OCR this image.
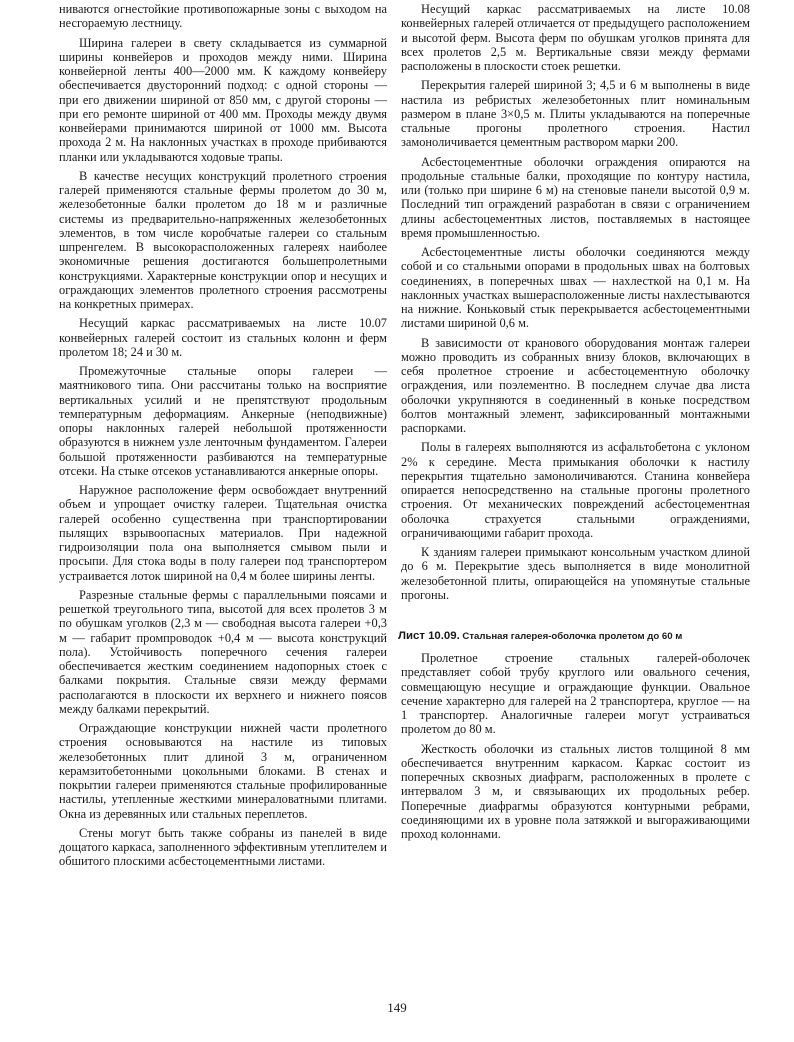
ниваются огнестойкие противопожарные зоны с выходом на несгораемую лестницу.

Ширина галереи в свету складывается из суммарной ширины конвейеров и проходов между ними. Ширина конвейерной ленты 400—2000 мм. К каждому конвейеру обеспечивается двусторонний подход: с одной стороны — при его движении шириной от 850 мм, с другой стороны — при его ремонте шириной от 400 мм. Проходы между двумя конвейерами принимаются шириной от 1000 мм. Высота прохода 2 м. На наклонных участках в проходе прибиваются планки или укладываются ходовые трапы.

В качестве несущих конструкций пролетного строения галерей применяются стальные фермы пролетом до 30 м, железобетонные балки пролетом до 18 м и различные системы из предварительно-напряженных железобетонных элементов, в том числе коробчатые галереи со стальным шпренгелем. В высокорасположенных галереях наиболее экономичные решения достигаются большепролетными конструкциями. Характерные конструкции опор и несущих и ограждающих элементов пролетного строения рассмотрены на конкретных примерах.

Несущий каркас рассматриваемых на листе 10.07 конвейерных галерей состоит из стальных колонн и ферм пролетом 18; 24 и 30 м.

Промежуточные стальные опоры галереи — маятникового типа. Они рассчитаны только на восприятие вертикальных усилий и не препятствуют продольным температурным деформациям. Анкерные (неподвижные) опоры наклонных галерей небольшой протяженности образуются в нижнем узле ленточным фундаментом. Галереи большой протяженности разбиваются на температурные отсеки. На стыке отсеков устанавливаются анкерные опоры.

Наружное расположение ферм освобождает внутренний объем и упрощает очистку галереи. Тщательная очистка галерей особенно существенна при транспортировании пылящих взрывоопасных материалов. При надежной гидроизоляции пола она выполняется смывом пыли и просыпи. Для стока воды в полу галереи под транспортером устраивается лоток шириной на 0,4 м более ширины ленты.

Разрезные стальные фермы с параллельными поясами и решеткой треугольного типа, высотой для всех пролетов 3 м по обушкам уголков (2,3 м — свободная высота галереи +0,3 м — габарит промпроводок +0,4 м — высота конструкций пола). Устойчивость поперечного сечения галереи обеспечивается жестким соединением надопорных стоек с балками покрытия. Стальные связи между фермами располагаются в плоскости их верхнего и нижнего поясов между балками перекрытий.

Ограждающие конструкции нижней части пролетного строения основываются на настиле из типовых железобетонных плит длиной 3 м, ограниченном керамзитобетонными цокольными блоками. В стенах и покрытии галереи применяются стальные профилированные настилы, утепленные жесткими минераловатными плитами. Окна из деревянных или стальных переплетов.

Стены могут быть также собраны из панелей в виде дощатого каркаса, заполненного эффективным утеплителем и обшитого плоскими асбестоцементными листами.

Несущий каркас рассматриваемых на листе 10.08 конвейерных галерей отличается от предыдущего расположением и высотой ферм. Высота ферм по обушкам уголков принята для всех пролетов 2,5 м. Вертикальные связи между фермами расположены в плоскости стоек решетки.

Перекрытия галерей шириной 3; 4,5 и 6 м выполнены в виде настила из ребристых железобетонных плит номинальным размером в плане 3×0,5 м. Плиты укладываются на поперечные стальные прогоны пролетного строения. Настил замоноличивается цементным раствором марки 200.

Асбестоцементные оболочки ограждения опираются на продольные стальные балки, проходящие по контуру настила, или (только при ширине 6 м) на стеновые панели высотой 0,9 м. Последний тип ограждений разработан в связи с ограничением длины асбестоцементных листов, поставляемых в настоящее время промышленностью.

Асбестоцементные листы оболочки соединяются между собой и со стальными опорами в продольных швах на болтовых соединениях, в поперечных швах — нахлесткой на 0,1 м. На наклонных участках вышерасположенные листы нахлестываются на нижние. Коньковый стык перекрывается асбестоцементными листами шириной 0,6 м.

В зависимости от кранового оборудования монтаж галереи можно проводить из собранных внизу блоков, включающих в себя пролетное строение и асбестоцементную оболочку ограждения, или поэлементно. В последнем случае два листа оболочки укрупняются в соединенный в коньке посредством болтов монтажный элемент, зафиксированный монтажными распорками.

Полы в галереях выполняются из асфальтобетона с уклоном 2% к середине. Места примыкания оболочки к настилу перекрытия тщательно замоноличиваются. Станина конвейера опирается непосредственно на стальные прогоны пролетного строения. От механических повреждений асбестоцементная оболочка страхуется стальными ограждениями, ограничивающими габарит прохода.

К зданиям галереи примыкают консольным участком длиной до 6 м. Перекрытие здесь выполняется в виде монолитной железобетонной плиты, опирающейся на упомянутые стальные прогоны.

Лист 10.09. Стальная галерея-оболочка пролетом до 60 м

Пролетное строение стальных галерей-оболочек представляет собой трубу круглого или овального сечения, совмещающую несущие и ограждающие функции. Овальное сечение характерно для галерей на 2 транспортера, круглое — на 1 транспортер. Аналогичные галереи могут устраиваться пролетом до 80 м.

Жесткость оболочки из стальных листов толщиной 8 мм обеспечивается внутренним каркасом. Каркас состоит из поперечных сквозных диафрагм, расположенных в пролете с интервалом 3 м, и связывающих их продольных ребер. Поперечные диафрагмы образуются контурными ребрами, соединяющими их в уровне пола затяжкой и выгораживающими проход колоннами.

149
